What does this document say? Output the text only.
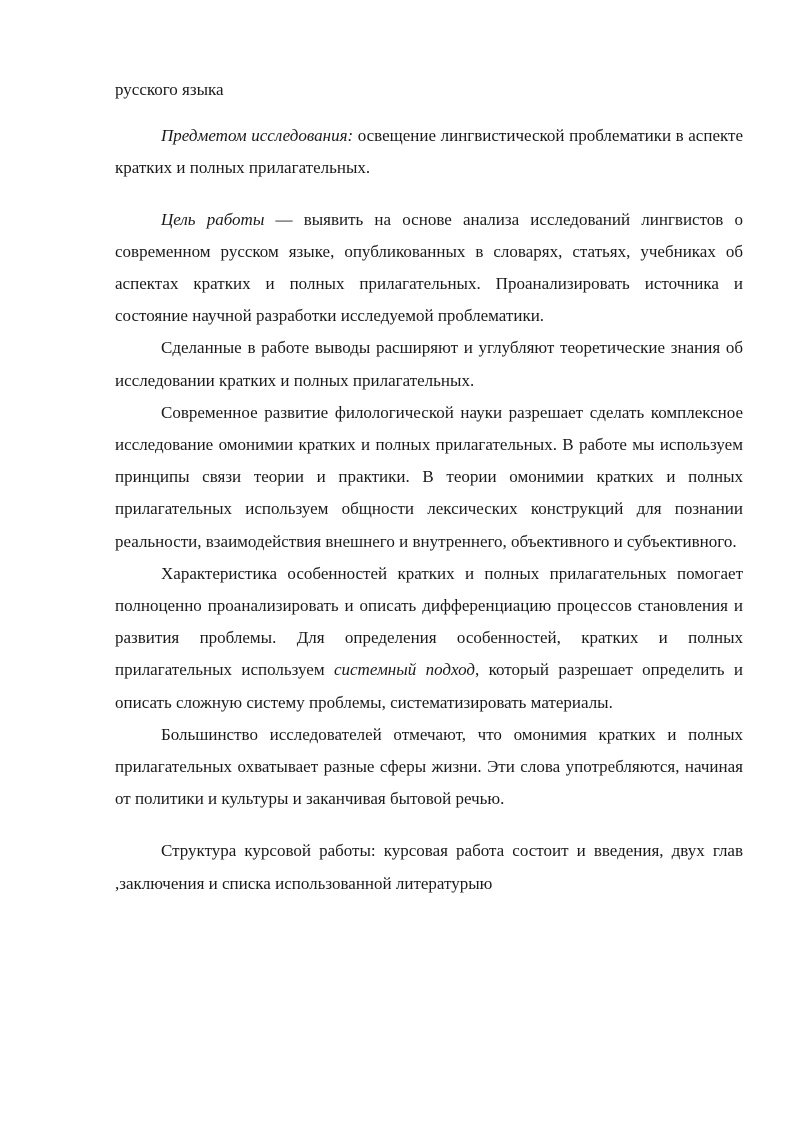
русского языка

Предметом исследования: освещение лингвистической проблематики в аспекте кратких и полных прилагательных.

Цель работы — выявить на основе анализа исследований лингвистов о современном русском языке, опубликованных в словарях, статьях, учебниках об аспектах кратких и полных прилагательных. Проанализировать источника и состояние научной разработки исследуемой проблематики.

Сделанные в работе выводы расширяют и углубляют теоретические знания об исследовании кратких и полных прилагательных.

Современное развитие филологической науки разрешает сделать комплексное исследование омонимии кратких и полных прилагательных. В работе мы используем принципы связи теории и практики. В теории омонимии кратких и полных прилагательных используем общности лексических конструкций для познании реальности, взаимодействия внешнего и внутреннего, объективного и субъективного.

Характеристика особенностей кратких и полных прилагательных помогает полноценно проанализировать и описать дифференциацию процессов становления и развития проблемы. Для определения особенностей, кратких и полных прилагательных используем системный подход, который разрешает определить и описать сложную систему проблемы, систематизировать материалы.

Большинство исследователей отмечают, что омонимия кратких и полных прилагательных охватывает разные сферы жизни. Эти слова употребляются, начиная от политики и культуры и заканчивая бытовой речью.

Структура курсовой работы: курсовая работа состоит и введения, двух глав ,заключения и списка использованной литературыю
